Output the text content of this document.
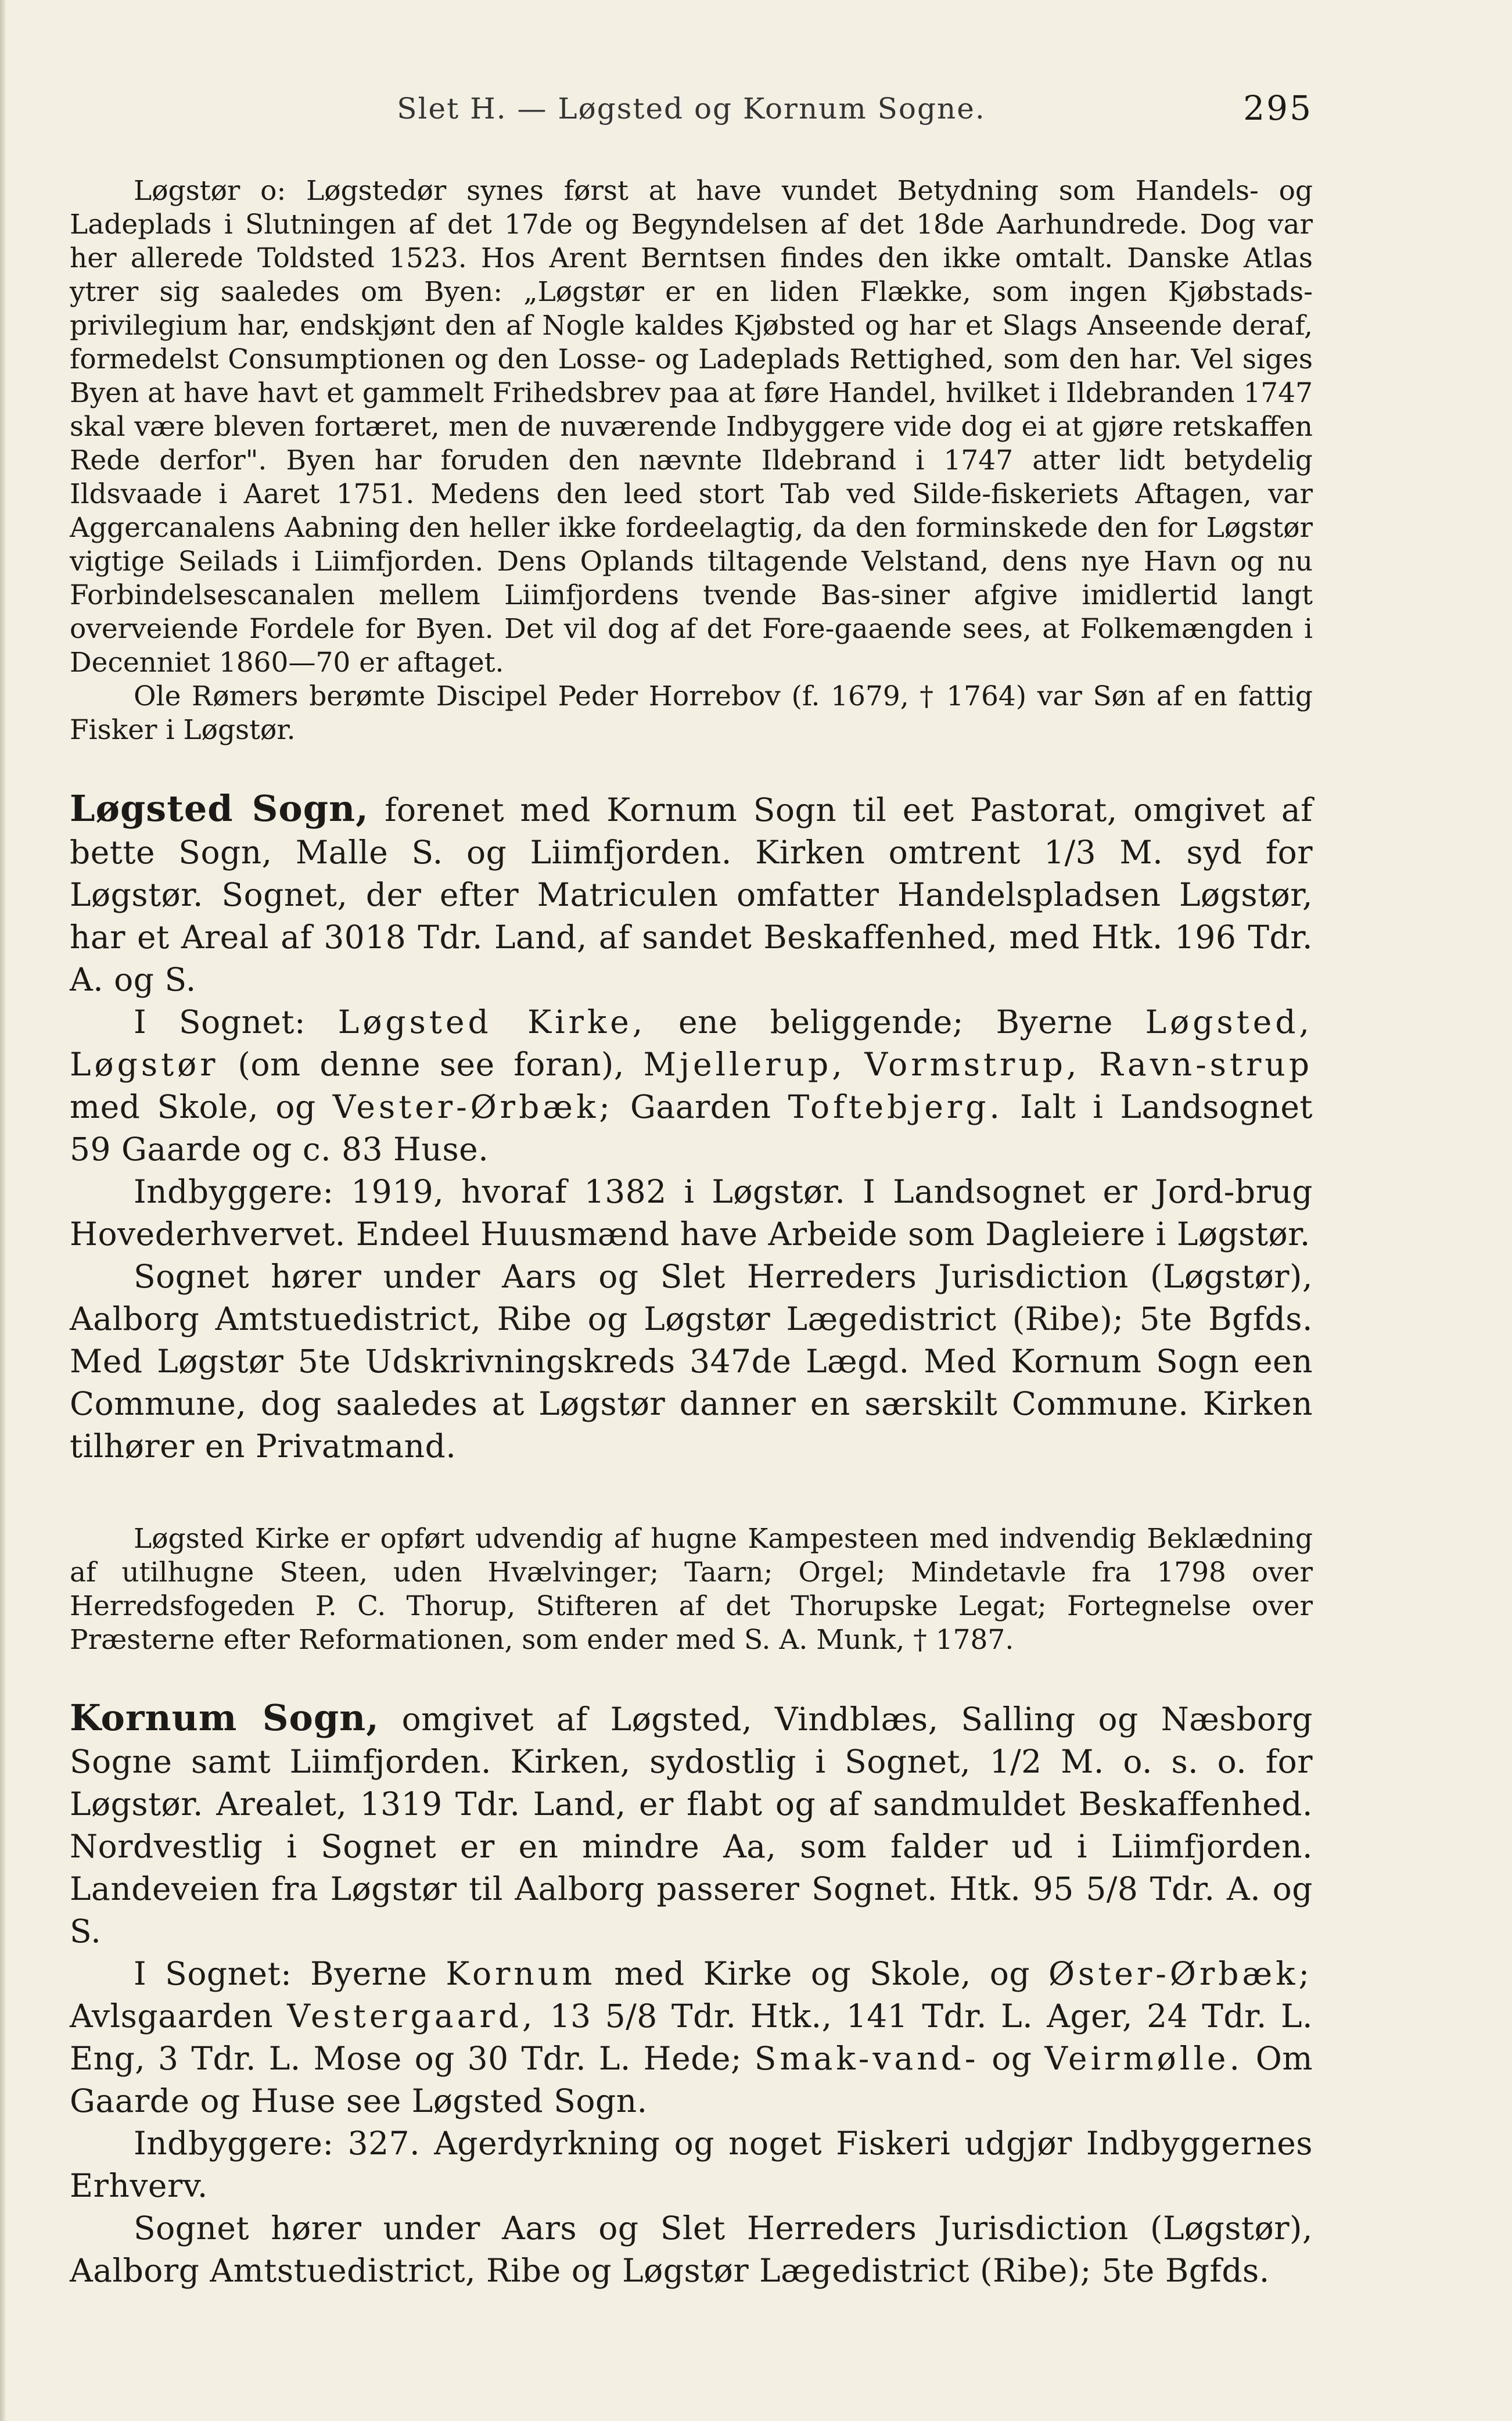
Slet H. — Løgsted og Kornum Sogne.	295

Løgstør o: Løgstedør synes først at have vundet Betydning som Handels- og Ladeplads i Slutningen af det 17de og Begyndelsen af det 18de Aarhundrede. Dog var her allerede Toldsted 1523. Hos Arent Berntsen findes den ikke omtalt. Danske Atlas ytrer sig saaledes om Byen: „Løgstør er en liden Flække, som ingen Kjøbstads-privilegium har, endskjønt den af Nogle kaldes Kjøbsted og har et Slags Anseende deraf, formedelst Consumptionen og den Losse- og Ladeplads Rettighed, som den har. Vel siges Byen at have havt et gammelt Frihedsbrev paa at føre Handel, hvilket i Ildebranden 1747 skal være bleven fortæret, men de nuværende Indbyggere vide dog ei at gjøre retskaffen Rede derfor". Byen har foruden den nævnte Ildebrand i 1747 atter lidt betydelig Ildsvaade i Aaret 1751. Medens den leed stort Tab ved Silde-fiskeriets Aftagen, var Aggercanalens Aabning den heller ikke fordeelagtig, da den forminskede den for Løgstør vigtige Seilads i Liimfjorden. Dens Oplands tiltagende Velstand, dens nye Havn og nu Forbindelsescanalen mellem Liimfjordens tvende Bas-siner afgive imidlertid langt overveiende Fordele for Byen. Det vil dog af det Fore-gaaende sees, at Folkemængden i Decenniet 1860—70 er aftaget.

Ole Rømers berømte Discipel Peder Horrebov (f. 1679, † 1764) var Søn af en fattig Fisker i Løgstør.

Løgsted Sogn, forenet med Kornum Sogn til eet Pastorat, omgivet af bette Sogn, Malle S. og Liimfjorden. Kirken omtrent 1/3 M. syd for Løgstør. Sognet, der efter Matriculen omfatter Handelspladsen Løgstør, har et Areal af 3018 Tdr. Land, af sandet Beskaffenhed, med Htk. 196 Tdr. A. og S.

I Sognet: Løgsted Kirke, ene beliggende; Byerne Løgsted, Løgstør (om denne see foran), Mjellerup, Vormstrup, Ravn-strup med Skole, og Vester-Ørbæk; Gaarden Toftebjerg. Ialt i Landsognet 59 Gaarde og c. 83 Huse.

Indbyggere: 1919, hvoraf 1382 i Løgstør. I Landsognet er Jord-brug Hovederhvervet. Endeel Huusmænd have Arbeide som Dagleiere i Løgstør.

Sognet hører under Aars og Slet Herreders Jurisdiction (Løgstør), Aalborg Amtstuedistrict, Ribe og Løgstør Lægedistrict (Ribe); 5te Bgfds. Med Løgstør 5te Udskrivningskreds 347de Lægd. Med Kornum Sogn een Commune, dog saaledes at Løgstør danner en særskilt Commune. Kirken tilhører en Privatmand.

Løgsted Kirke er opført udvendig af hugne Kampesteen med indvendig Beklædning af utilhugne Steen, uden Hvælvinger; Taarn; Orgel; Mindetavle fra 1798 over Herredsfogeden P. C. Thorup, Stifteren af det Thorupske Legat; Fortegnelse over Præsterne efter Reformationen, som ender med S. A. Munk, † 1787.

Kornum Sogn, omgivet af Løgsted, Vindblæs, Salling og Næsborg Sogne samt Liimfjorden. Kirken, sydostlig i Sognet, 1/2 M. o. s. o. for Løgstør. Arealet, 1319 Tdr. Land, er flabt og af sandmuldet Beskaffenhed. Nordvestlig i Sognet er en mindre Aa, som falder ud i Liimfjorden. Landeveien fra Løgstør til Aalborg passerer Sognet. Htk. 95 5/8 Tdr. A. og S.

I Sognet: Byerne Kornum med Kirke og Skole, og Øster-Ørbæk; Avlsgaarden Vestergaard, 13 5/8 Tdr. Htk., 141 Tdr. L. Ager, 24 Tdr. L. Eng, 3 Tdr. L. Mose og 30 Tdr. L. Hede; Smak-vand- og Veirmølle. Om Gaarde og Huse see Løgsted Sogn.

Indbyggere: 327. Agerdyrkning og noget Fiskeri udgjør Indbyggernes Erhverv.

Sognet hører under Aars og Slet Herreders Jurisdiction (Løgstør), Aalborg Amtstuedistrict, Ribe og Løgstør Lægedistrict (Ribe); 5te Bgfds.
